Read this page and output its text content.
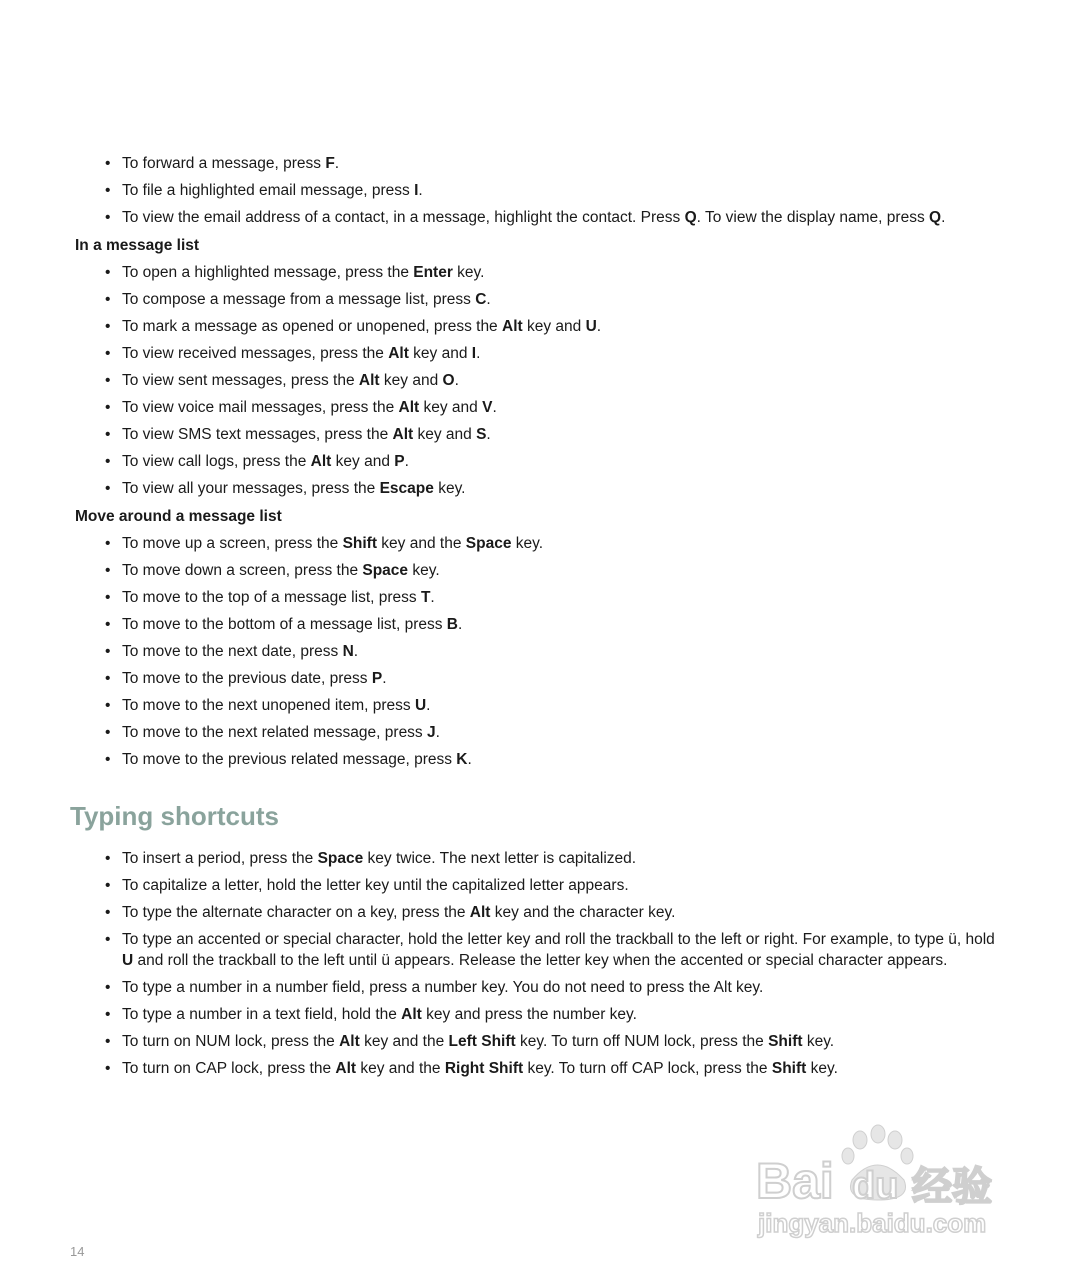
• To forward a message, press F.
• To file a highlighted email message, press I.
• To view the email address of a contact, in a message, highlight the contact. Press Q. To view the display name, press Q.
In a message list
• To open a highlighted message, press the Enter key.
• To compose a message from a message list, press C.
• To mark a message as opened or unopened, press the Alt key and U.
• To view received messages, press the Alt key and I.
• To view sent messages, press the Alt key and O.
• To view voice mail messages, press the Alt key and V.
• To view SMS text messages, press the Alt key and S.
• To view call logs, press the Alt key and P.
• To view all your messages, press the Escape key.
Move around a message list
• To move up a screen, press the Shift key and the Space key.
• To move down a screen, press the Space key.
• To move to the top of a message list, press T.
• To move to the bottom of a message list, press B.
• To move to the next date, press N.
• To move to the previous date, press P.
• To move to the next unopened item, press U.
• To move to the next related message, press J.
• To move to the previous related message, press K.
Typing shortcuts
• To insert a period, press the Space key twice. The next letter is capitalized.
• To capitalize a letter, hold the letter key until the capitalized letter appears.
• To type the alternate character on a key, press the Alt key and the character key.
• To type an accented or special character, hold the letter key and roll the trackball to the left or right. For example, to type ü, hold U and roll the trackball to the left until ü appears. Release the letter key when the accented or special character appears.
• To type a number in a number field, press a number key. You do not need to press the Alt key.
• To type a number in a text field, hold the Alt key and press the number key.
• To turn on NUM lock, press the Alt key and the Left Shift key. To turn off NUM lock, press the Shift key.
• To turn on CAP lock, press the Alt key and the Right Shift key. To turn off CAP lock, press the Shift key.
Bai du 经验
jingyan.baidu.com
14
